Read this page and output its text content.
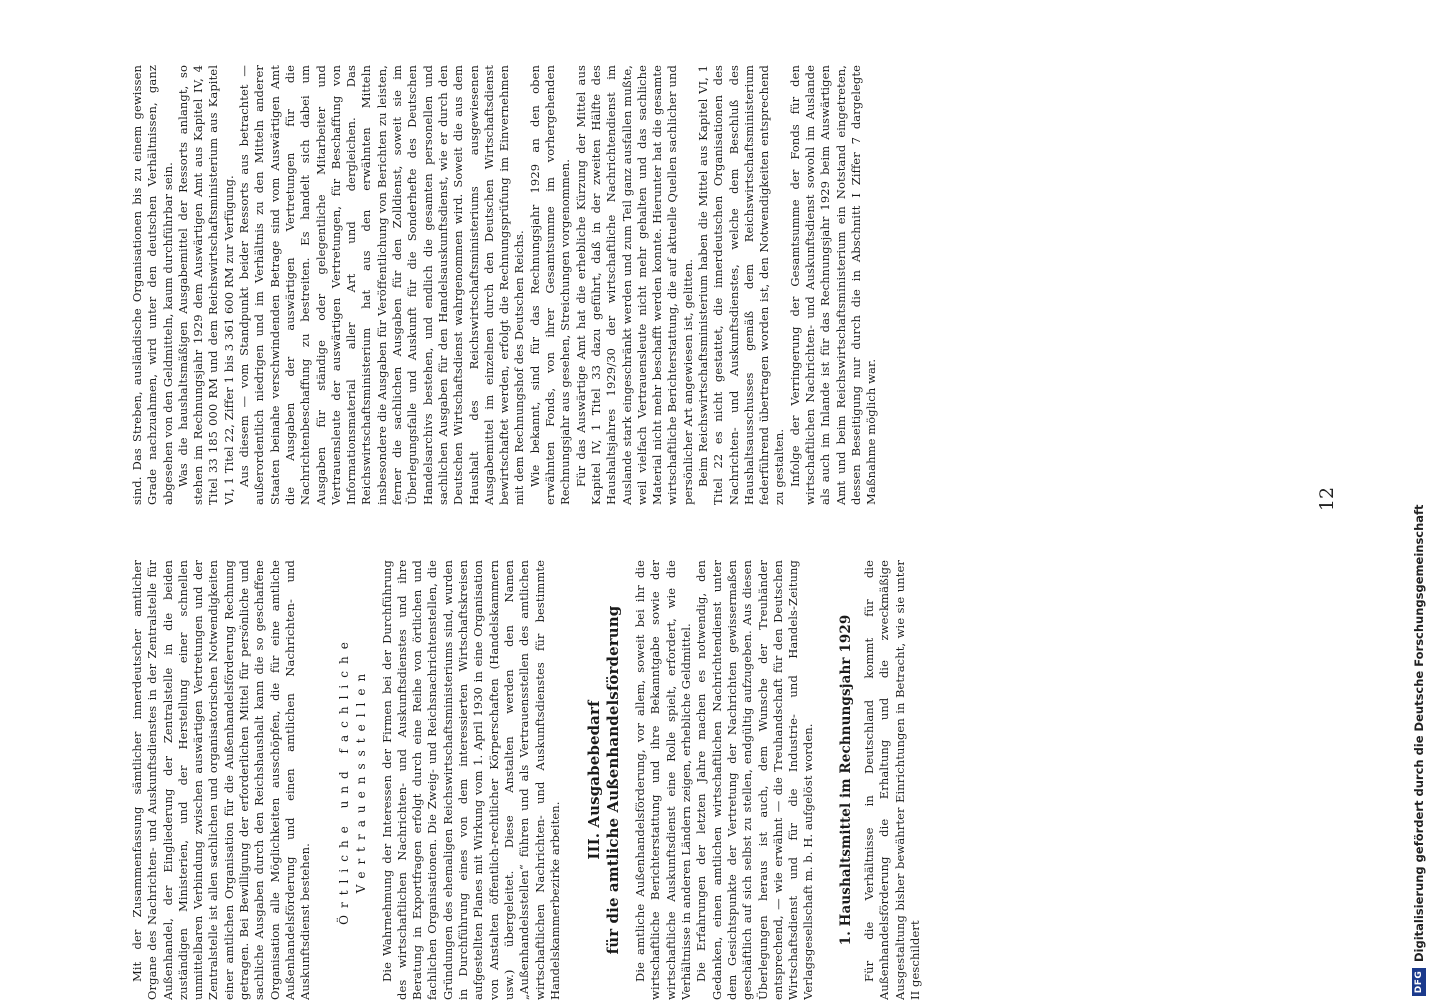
12

Mit der Zusammenfassung sämtlicher innerdeutscher amtlicher Organe des Nachrichten- und Auskunftsdienstes in der Zentralstelle für Außenhandel, der Eingliederung der Zentralstelle in die beiden zuständigen Ministerien, und der Herstellung einer schnellen unmittelbaren Verbindung zwischen auswärtigen Vertretungen und der Zentralstelle ist allen sachlichen und organisatorischen Notwendigkeiten einer amtlichen Organisation für die Außenhandelsförderung Rechnung getragen. Bei Bewilligung der erforderlichen Mittel für persönliche und sachliche Ausgaben durch den Reichshaushalt kann die so geschaffene Organisation alle Möglichkeiten ausschöpfen, die für eine amtliche Außenhandelsförderung und einen amtlichen Nachrichten- und Auskunftsdienst bestehen. Örtliche und fachliche Vertrauensstellen Die Wahrnehmung der Interessen der Firmen bei der Durchführung des wirtschaftlichen Nachrichten- und Auskunftsdienstes und ihre Beratung in Exportfragen erfolgt durch eine Reihe von örtlichen und fachlichen Organisationen. Die Zweig- und Reichsnachrichtenstellen, die Gründungen des ehemaligen Reichswirtschaftsministeriums sind, wurden in Durchführung eines von dem interessierten Wirtschaftskreisen aufgestellten Planes mit Wirkung vom 1. April 1930 in eine Organisation von Anstalten öffentlich-rechtlicher Körperschaften (Handelskammern usw.) übergeleitet. Diese Anstalten werden den Namen „Außenhandelsstellen“ führen und als Vertrauensstellen des amtlichen wirtschaftlichen Nachrichten- und Auskunftsdienstes für bestimmte Handelskammerbezirke arbeiten.

III. Ausgabebedarf für die amtliche Außenhandelsförderung Die amtliche Außenhandelsförderung, vor allem, soweit bei ihr die wirtschaftliche Berichterstattung und ihre Bekanntgabe sowie der wirtschaftliche Auskunftsdienst eine Rolle spielt, erfordert, wie die Verhältnisse in anderen Ländern zeigen, erhebliche Geldmittel. Die Erfahrungen der letzten Jahre machen es notwendig, den Gedanken, einen amtlichen wirtschaftlichen Nachrichtendienst unter dem Gesichtspunkte der Vertretung der Nachrichten gewissermaßen geschäftlich auf sich selbst zu stellen, endgültig aufzugeben. Aus diesen Überlegungen heraus ist auch, dem Wunsche der Treuhänder entsprechend, — wie erwähnt — die Treuhandschaft für den Deutschen Wirtschaftsdienst und für die Industrie- und Handels-Zeitung Verlagsgesellschaft m. b. H. aufgelöst worden. 1. Haushaltsmittel im Rechnungsjahr 1929 Für die Verhältnisse in Deutschland kommt für die Außenhandelsförderung die Erhaltung und die zweckmäßige Ausgestaltung bisher bewährter Einrichtungen in Betracht, wie sie unter II geschildert

sind. Das Streben, ausländische Organisationen bis zu einem gewissen Grade nachzuahmen, wird unter den deutschen Verhältnissen, ganz abgesehen von den Geldmitteln, kaum durchführbar sein. Was die haushaltsmäßigen Ausgabemittel der Ressorts anlangt, so stehen im Rechnungsjahr 1929 dem Auswärtigen Amt aus Kapitel IV, 4 Titel 33 185 000 RM und dem Reichswirtschaftsministerium aus Kapitel VI, 1 Titel 22, Ziffer 1 bis 3 361 600 RM zur Verfügung. Aus diesem — vom Standpunkt beider Ressorts aus betrachtet — außerordentlich niedrigen und im Verhältnis zu den Mitteln anderer Staaten beinahe verschwindenden Betrage sind vom Auswärtigen Amt die Ausgaben der auswärtigen Vertretungen für die Nachrichtenbeschaffung zu bestreiten. Es handelt sich dabei um Ausgaben für ständige oder gelegentliche Mitarbeiter und Vertrauensleute der auswärtigen Vertretungen, für Beschaffung von Informationsmaterial aller Art und dergleichen. Das Reichswirtschaftsministerium hat aus den erwähnten Mitteln insbesondere die Ausgaben für Veröffentlichung von Berichten zu leisten, ferner die sachlichen Ausgaben für den Zolldienst, soweit sie im Überlegungsfalle und Auskunft für die Sonderhefte des Deutschen Handelsarchivs bestehen, und endlich die gesamten personellen und sachlichen Ausgaben für den Handelsauskunftsdienst, wie er durch den Deutschen Wirtschaftsdienst wahrgenommen wird. Soweit die aus dem Haushalt des Reichswirtschaftsministeriums ausgewiesenen Ausgabemittel im einzelnen durch den Deutschen Wirtschaftsdienst bewirtschaftet werden, erfolgt die Rechnungsprüfung im Einvernehmen mit dem Rechnungshof des Deutschen Reichs. Wie bekannt, sind für das Rechnungsjahr 1929 an den oben erwähnten Fonds, von ihrer Gesamtsumme im vorhergehenden Rechnungsjahr aus gesehen, Streichungen vorgenommen. Für das Auswärtige Amt hat die erhebliche Kürzung der Mittel aus Kapitel IV, 1 Titel 33 dazu geführt, daß in der zweiten Hälfte des Haushaltsjahres 1929/30 der wirtschaftliche Nachrichtendienst im Auslande stark eingeschränkt werden und zum Teil ganz ausfallen mußte, weil vielfach Vertrauensleute nicht mehr gehalten und das sachliche Material nicht mehr beschafft werden konnte. Hierunter hat die gesamte wirtschaftliche Berichterstattung, die auf aktuelle Quellen sachlicher und persönlicher Art angewiesen ist, gelitten. Beim Reichswirtschaftsministerium haben die Mittel aus Kapitel VI, 1 Titel 22 es nicht gestattet, die innerdeutschen Organisationen des Nachrichten- und Auskunftsdienstes, welche dem Beschluß des Haushaltsausschusses gemäß dem Reichswirtschaftsministerium federführend übertragen worden ist, den Notwendigkeiten entsprechend zu gestalten. Infolge der Verringerung der Gesamtsumme der Fonds für den wirtschaftlichen Nachrichten- und Auskunftsdienst sowohl im Auslande als auch im Inlande ist für das Rechnungsjahr 1929 beim Auswärtigen Amt und beim Reichswirtschaftsministerium ein Notstand eingetreten, dessen Beseitigung nur durch die in Abschnitt I Ziffer 7 dargelegte Maßnahme möglich war.

DFG
Digitalisierung gefördert durch die Deutsche Forschungsgemeinschaft
